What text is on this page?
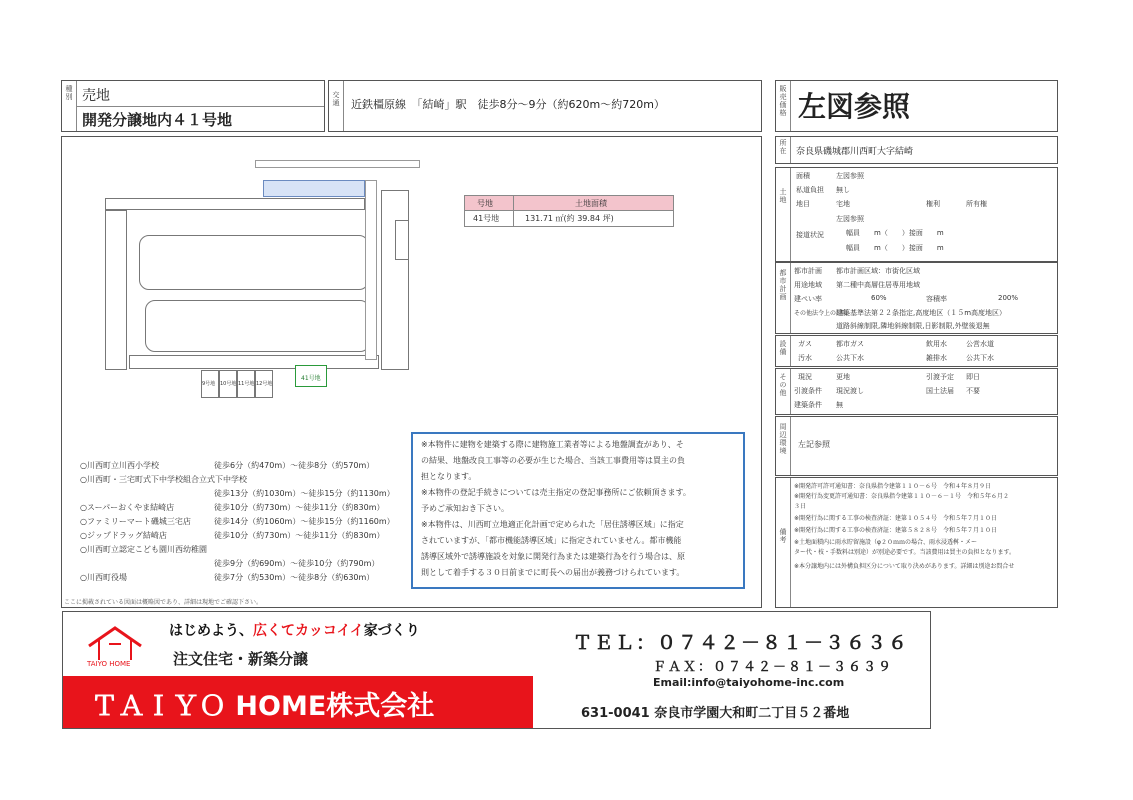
種別 売地
開発分譲地内４１号地
交通 近鉄橿原線　「結崎」駅　徒歩8分～9分（約620m～約720m）
販売価格 左図参照
所在 奈良県磯城郡川西町大字結崎
9号地 10号地 11号地 12号地
41号地
号地	土地面積
41号地	131.71 ㎡(約 39.84 坪)
○川西町立川西小学校	徒歩6分（約470m）～徒歩8分（約570m）
○川西町・三宅町式下中学校組合立式下中学校
徒歩13分（約1030m）～徒歩15分（約1130m）
○スーパーおくやま結崎店	徒歩10分（約730m）～徒歩11分（約830m）
○ファミリーマート磯城三宅店	徒歩14分（約1060m）～徒歩15分（約1160m）
○ジップドラッグ結崎店	徒歩10分（約730m）～徒歩11分（約830m）
○川西町立認定こども園川西幼稚園
徒歩9分（約690m）～徒歩10分（約790m）
○川西町役場	徒歩7分（約530m）～徒歩8分（約630m）
ここに掲載されている図面は概略図であり、詳細は現地でご確認下さい。
※本物件に建物を建築する際に建物施工業者等による地盤調査があり、そ
の結果、地盤改良工事等の必要が生じた場合、当該工事費用等は買主の負
担となります。
※本物件の登記手続きについては売主指定の登記事務所にご依頼頂きます。
予めご承知おき下さい。
※本物件は、川西町立地適正化計画で定められた「居住誘導区域」に指定
されていますが、「都市機能誘導区域」に指定されていません。都市機能
誘導区域外で誘導施設を対象に開発行為または建築行為を行う場合は、原
則として着手する３０日前までに町長への届出が義務づけられています。
土地
面積	左図参照
私道負担 無し
地目	宅地	権利	所有権
接道状況
左図参照
幅員　　m（　　）接面　　m
幅員　　m（　　）接面　　m
都市計画
都市計画 都市計画区域：市街化区域
用途地域 第二種中高層住居専用地域
建ぺい率	60%	容積率	200%
その他法令上の制限
建築基準法第２２条指定,高度地区（１５m高度地区）
道路斜線制限,隣地斜線制限,日影制限,外壁後退無
設備
ガス	都市ガス	飲用水	公営水道
汚水	公共下水	雑排水	公共下水
その他
現況	更地	引渡予定 即日
引渡条件 現況渡し	国土法届 不要
建築条件 無
周辺環境
左記参照
備考
※開発許可許可通知書：奈良県指令建第１１０－６号　令和４年８月９日
※開発行為変更許可通知書：奈良県指令建第１１０－６－１号　令和５年６月２
３日
※開発行為に関する工事の検査済証：建第１０５４号　令和５年７月１０日
※開発行為に関する工事の検査済証：建第５８２８号　令和５年７月１０日
※土地面積内に雨水貯留施設（φ２０ｍｍの場合、雨水浸透桝・メー
ター代・枝・手数料は別途）が別途必要です。当該費用は買主の負担となります。
※本分譲地内には外構負担区分について取り決めがあります。詳細は別途お問合せ
TAIYO HOME
はじめよう、広くてカッコイイ家づくり
注文住宅・新築分譲
ＴＡＩＹＯ HOME株式会社
ＴＥＬ：０７４２－８１－３６３６
ＦＡＸ：０７４２－８１－３６３９
Email:info@taiyohome-inc.com
631-0041 奈良市学園大和町二丁目５２番地
